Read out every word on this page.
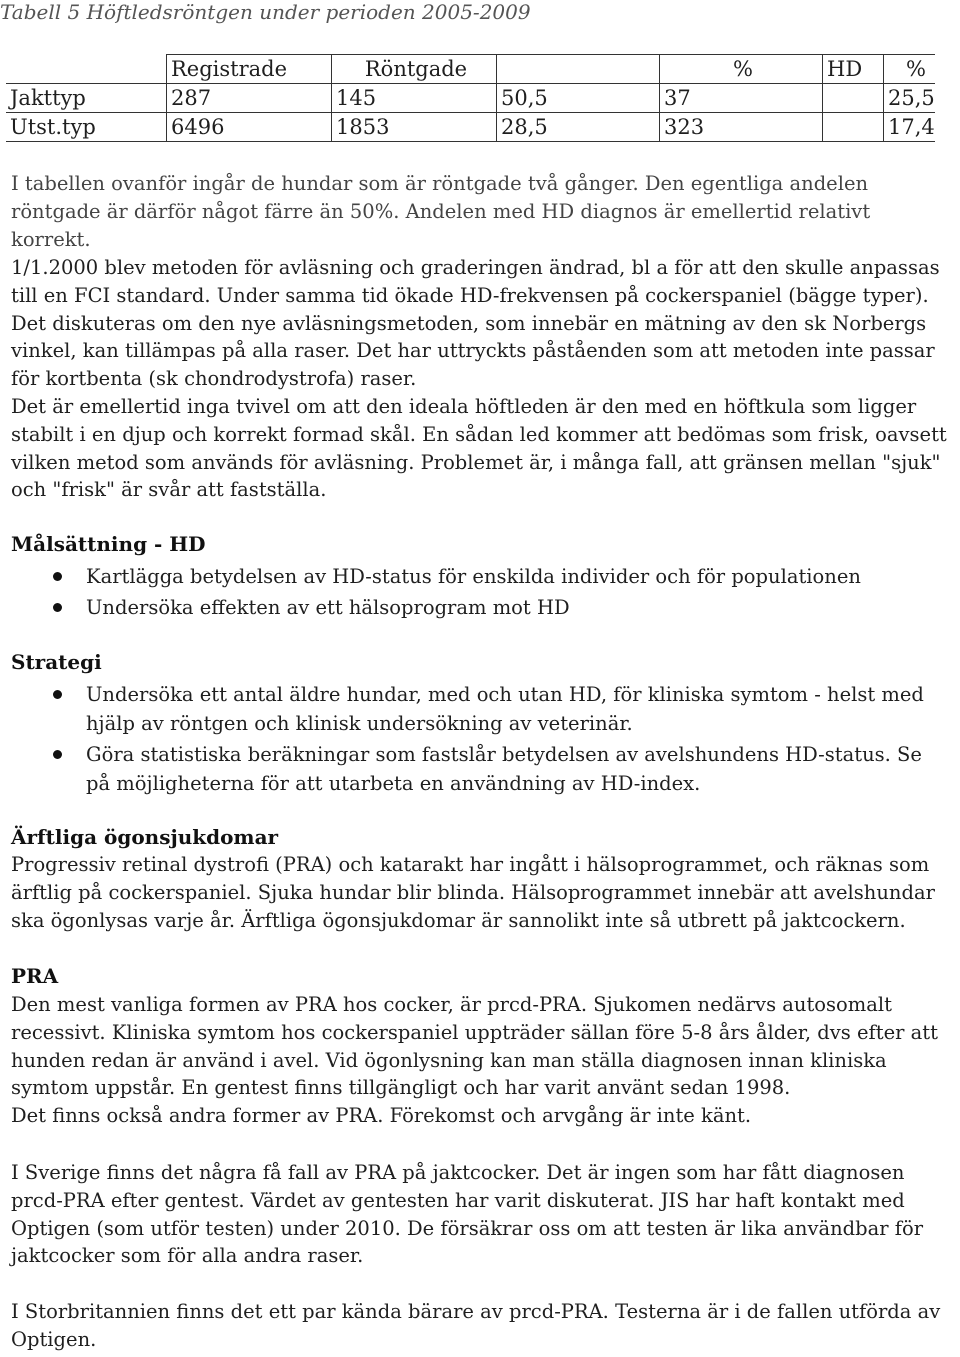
Tabell 5 Höftledsröntgen under perioden 2005-2009
	Registrade	Röntgade		%	HD	%
Jakttyp	287	145	50,5	37		25,5
Utst.typ	6496	1853	28,5	323		17,4

I tabellen ovanför ingår de hundar som är röntgade två gånger. Den egentliga andelen röntgade är därför något färre än 50%. Andelen med HD diagnos är emellertid relativt korrekt.

1/1.2000 blev metoden för avläsning och graderingen ändrad, bl a för att den skulle anpassas till en FCI standard. Under samma tid ökade HD-frekvensen på cockerspaniel (bägge typer). Det diskuteras om den nye avläsningsmetoden, som innebär en mätning av den sk Norbergs vinkel, kan tillämpas på alla raser. Det har uttryckts påståenden som att metoden inte passar för kortbenta (sk chondrodystrofa) raser.

Det är emellertid inga tvivel om att den ideala höftleden är den med en höftkula som ligger stabilt i en djup och korrekt formad skål. En sådan led kommer att bedömas som frisk, oavsett vilken metod som används för avläsning. Problemet är, i många fall, att gränsen mellan "sjuk" och "frisk" är svår att fastställa.

Målsättning - HD
Kartlägga betydelsen av HD-status för enskilda individer och för populationen
Undersöka effekten av ett hälsoprogram mot HD
Strategi
Undersöka ett antal äldre hundar, med och utan HD, för kliniska symtom - helst med hjälp av röntgen och klinisk undersökning av veterinär.
Göra statistiska beräkningar som fastslår betydelsen av avelshundens HD-status. Se på möjligheterna för att utarbeta en användning av HD-index.
Ärftliga ögonsjukdomar

Progressiv retinal dystrofi (PRA) och katarakt har ingått i hälsoprogrammet, och räknas som ärftlig på cockerspaniel. Sjuka hundar blir blinda. Hälsoprogrammet innebär att avelshundar ska ögonlysas varje år. Ärftliga ögonsjukdomar är sannolikt inte så utbrett på jaktcockern.

PRA

Den mest vanliga formen av PRA hos cocker, är prcd-PRA. Sjukomen nedärvs autosomalt recessivt. Kliniska symtom hos cockerspaniel uppträder sällan före 5-8 års ålder, dvs efter att hunden redan är använd i avel. Vid ögonlysning kan man ställa diagnosen innan kliniska symtom uppstår. En gentest finns tillgängligt och har varit använt sedan 1998.

Det finns också andra former av PRA. Förekomst och arvgång är inte känt.

I Sverige finns det några få fall av PRA på jaktcocker. Det är ingen som har fått diagnosen prcd-PRA efter gentest. Värdet av gentesten har varit diskuterat. JIS har haft kontakt med Optigen (som utför testen) under 2010. De försäkrar oss om att testen är lika användbar för jaktcocker som för alla andra raser.

I Storbritannien finns det ett par kända bärare av prcd-PRA. Testerna är i de fallen utförda av Optigen.
